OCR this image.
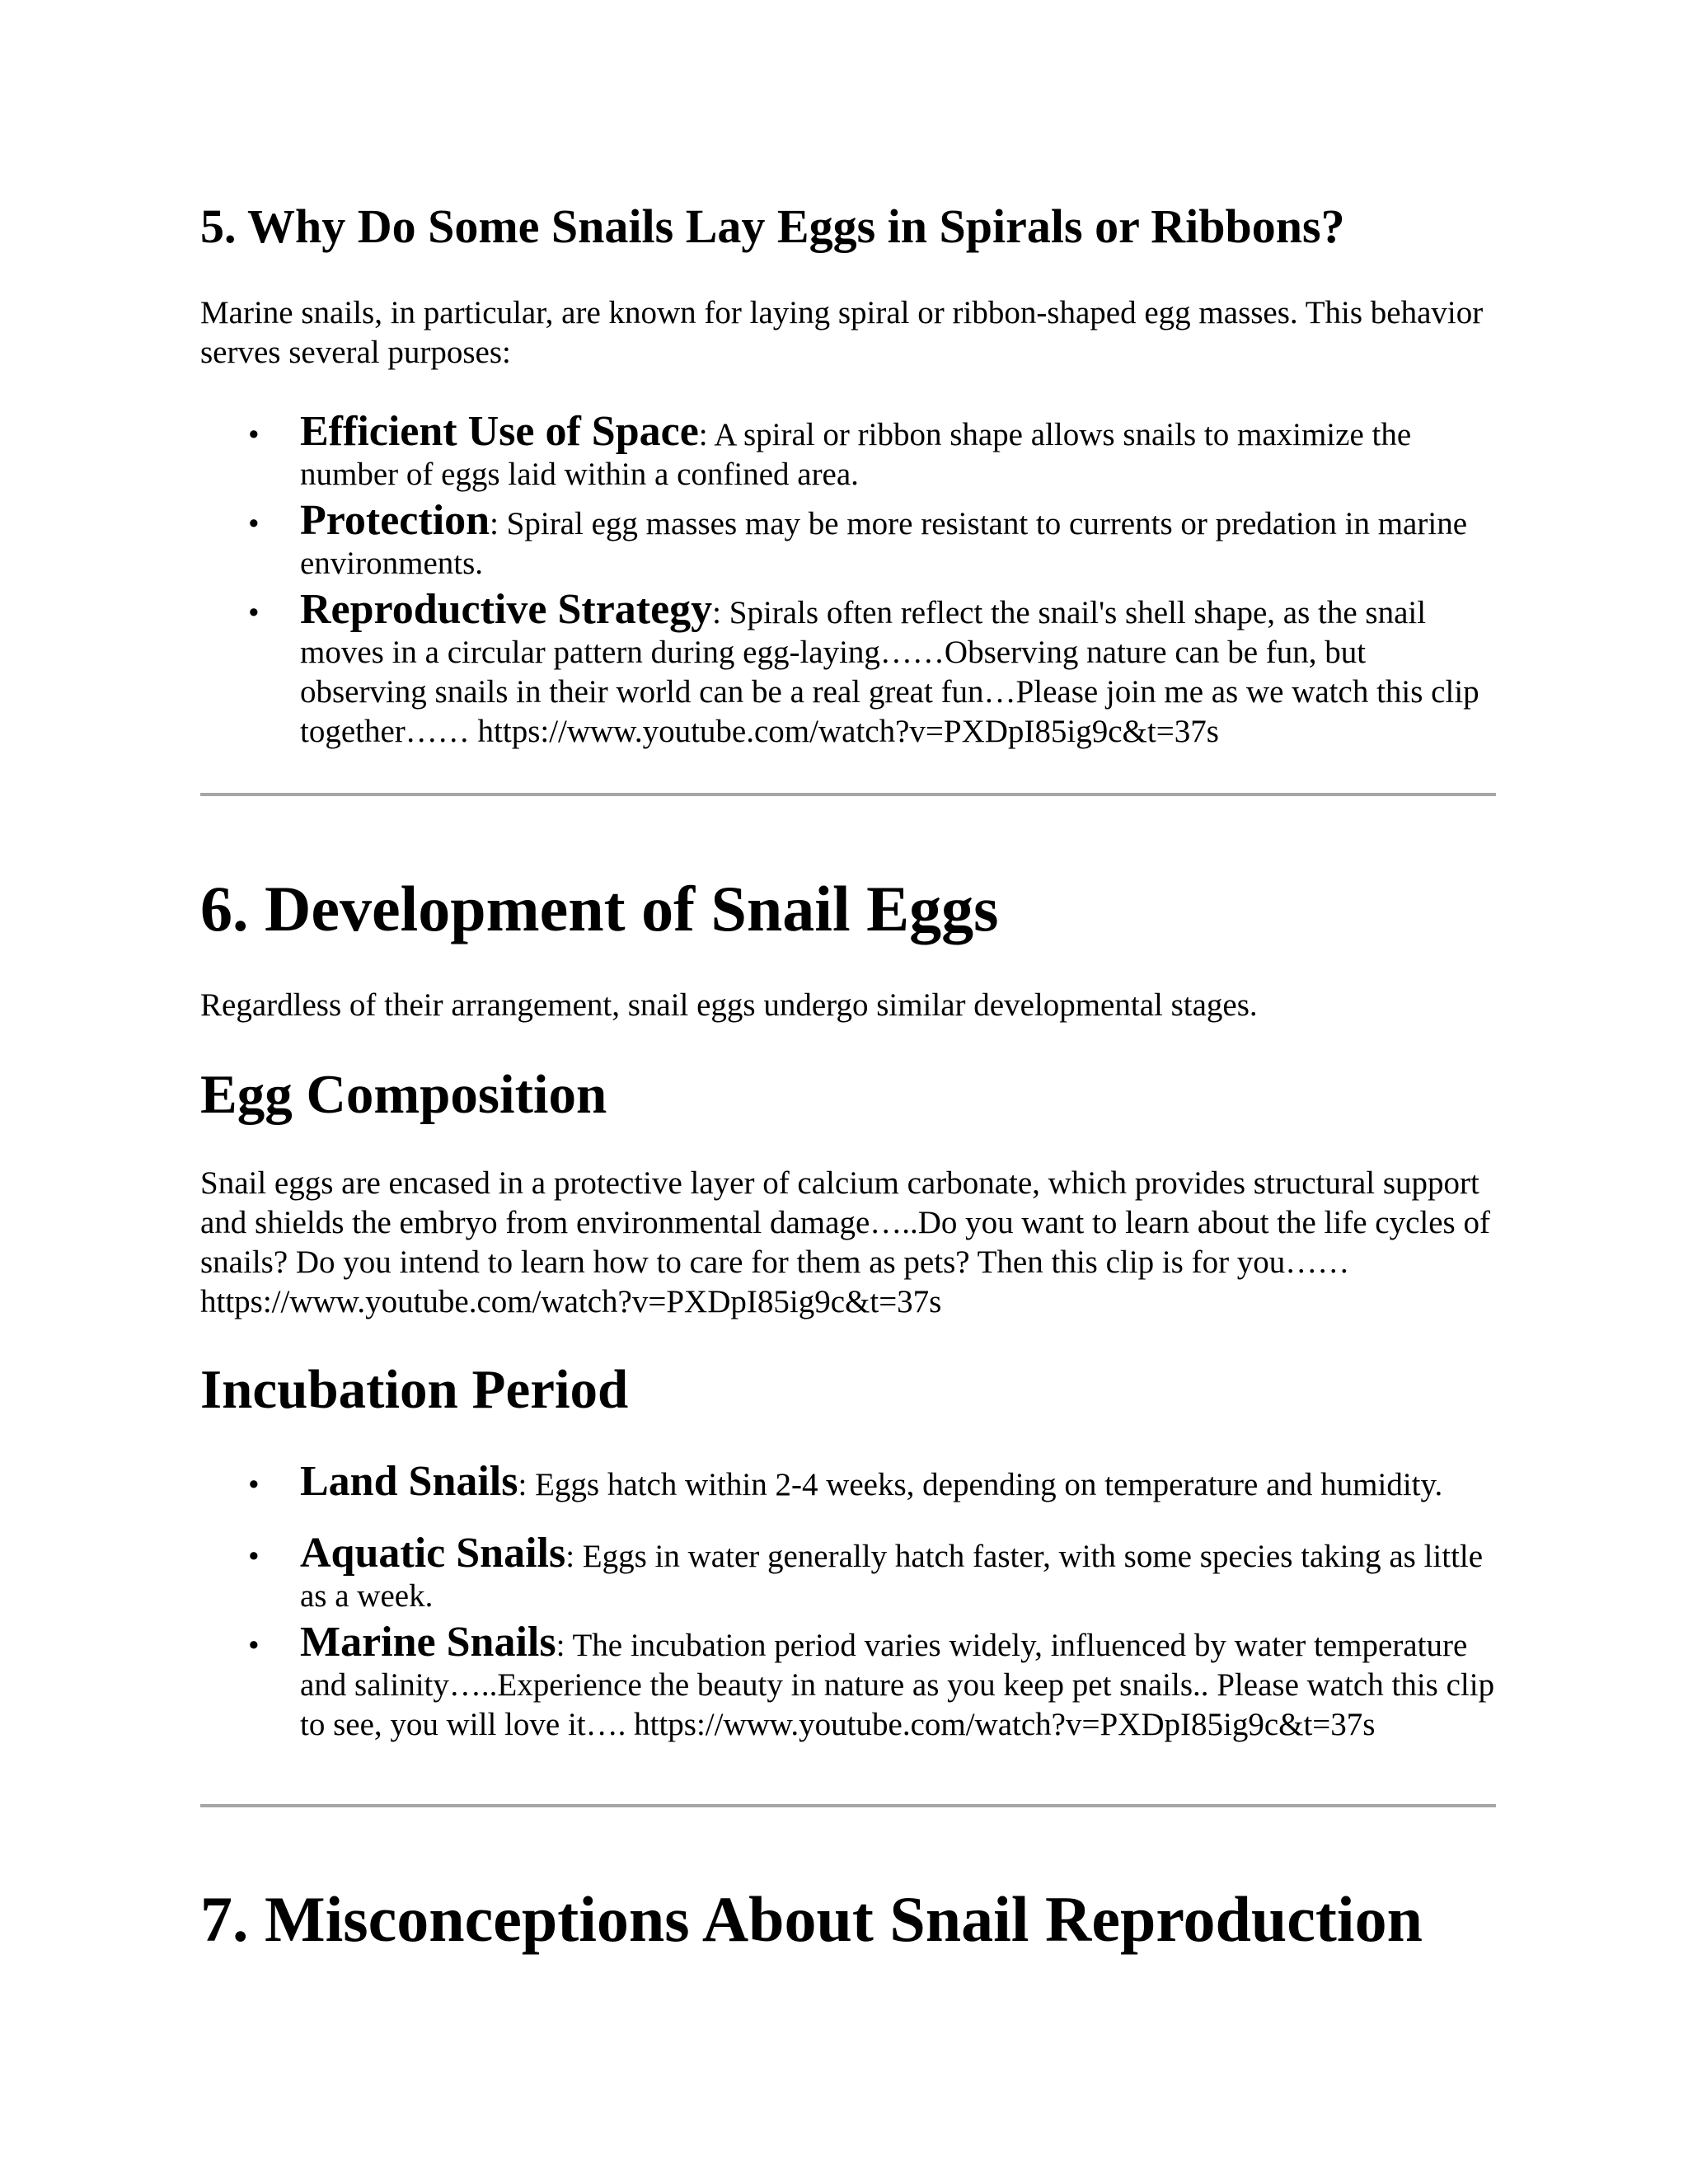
5. Why Do Some Snails Lay Eggs in Spirals or Ribbons?

Marine snails, in particular, are known for laying spiral or ribbon-shaped egg masses. This behavior serves several purposes:

• Efficient Use of Space: A spiral or ribbon shape allows snails to maximize the number of eggs laid within a confined area.
• Protection: Spiral egg masses may be more resistant to currents or predation in marine environments.
• Reproductive Strategy: Spirals often reflect the snail's shell shape, as the snail moves in a circular pattern during egg-laying……Observing nature can be fun, but observing snails in their world can be a real great fun…Please join me as we watch this clip together…… https://www.youtube.com/watch?v=PXDpI85ig9c&t=37s
6. Development of Snail Eggs

Regardless of their arrangement, snail eggs undergo similar developmental stages.

Egg Composition

Snail eggs are encased in a protective layer of calcium carbonate, which provides structural support and shields the embryo from environmental damage…..Do you want to learn about the life cycles of snails? Do you intend to learn how to care for them as pets? Then this clip is for you…… https://www.youtube.com/watch?v=PXDpI85ig9c&t=37s

Incubation Period
• Land Snails: Eggs hatch within 2-4 weeks, depending on temperature and humidity.
• Aquatic Snails: Eggs in water generally hatch faster, with some species taking as little as a week.
• Marine Snails: The incubation period varies widely, influenced by water temperature and salinity…..Experience the beauty in nature as you keep pet snails.. Please watch this clip to see, you will love it…. https://www.youtube.com/watch?v=PXDpI85ig9c&t=37s
7. Misconceptions About Snail Reproduction
